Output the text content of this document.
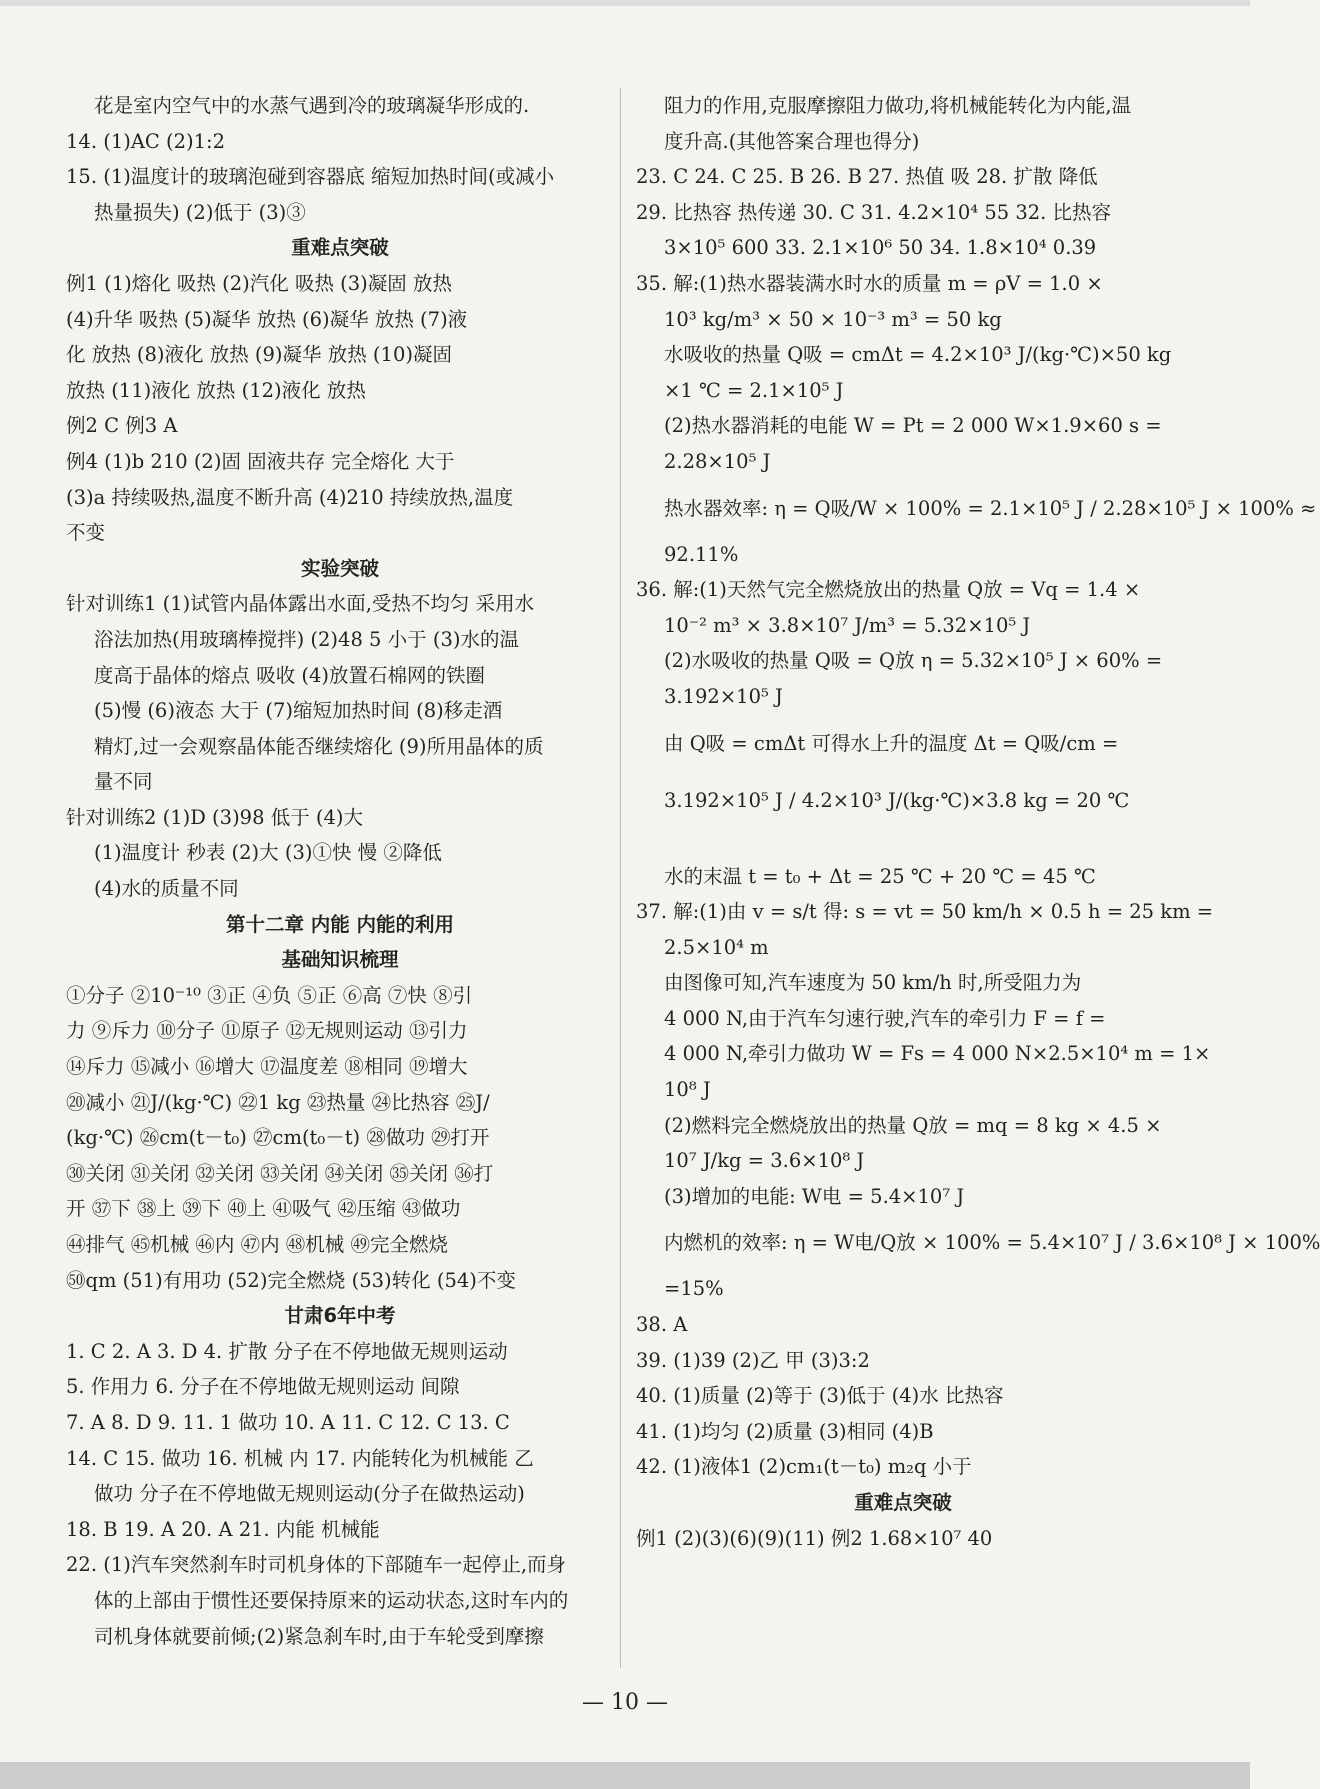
花是室内空气中的水蒸气遇到冷的玻璃凝华形成的.
14. (1)AC (2)1:2
15. (1)温度计的玻璃泡碰到容器底 缩短加热时间(或减小
热量损失) (2)低于 (3)③
重难点突破
例1 (1)熔化 吸热 (2)汽化 吸热 (3)凝固 放热
(4)升华 吸热 (5)凝华 放热 (6)凝华 放热 (7)液
化 放热 (8)液化 放热 (9)凝华 放热 (10)凝固
放热 (11)液化 放热 (12)液化 放热
例2 C 例3 A
例4 (1)b 210 (2)固 固液共存 完全熔化 大于
(3)a 持续吸热,温度不断升高 (4)210 持续放热,温度
不变
实验突破
针对训练1 (1)试管内晶体露出水面,受热不均匀 采用水
浴法加热(用玻璃棒搅拌) (2)48 5 小于 (3)水的温
度高于晶体的熔点 吸收 (4)放置石棉网的铁圈
(5)慢 (6)液态 大于 (7)缩短加热时间 (8)移走酒
精灯,过一会观察晶体能否继续熔化 (9)所用晶体的质
量不同
针对训练2 (1)D (3)98 低于 (4)大
(1)温度计 秒表 (2)大 (3)①快 慢 ②降低
(4)水的质量不同
第十二章 内能 内能的利用
基础知识梳理
①分子 ②10⁻¹⁰ ③正 ④负 ⑤正 ⑥高 ⑦快 ⑧引
力 ⑨斥力 ⑩分子 ⑪原子 ⑫无规则运动 ⑬引力
⑭斥力 ⑮减小 ⑯增大 ⑰温度差 ⑱相同 ⑲增大
⑳减小 ㉑J/(kg·℃) ㉒1 kg ㉓热量 ㉔比热容 ㉕J/
(kg·℃) ㉖cm(t－t₀) ㉗cm(t₀－t) ㉘做功 ㉙打开
㉚关闭 ㉛关闭 ㉜关闭 ㉝关闭 ㉞关闭 ㉟关闭 ㊱打
开 ㊲下 ㊳上 ㊴下 ㊵上 ㊶吸气 ㊷压缩 ㊸做功
㊹排气 ㊺机械 ㊻内 ㊼内 ㊽机械 ㊾完全燃烧
㊿qm (51)有用功 (52)完全燃烧 (53)转化 (54)不变
甘肃6年中考
1. C 2. A 3. D 4. 扩散 分子在不停地做无规则运动
5. 作用力 6. 分子在不停地做无规则运动 间隙
7. A 8. D 9. 11. 1 做功 10. A 11. C 12. C 13. C
14. C 15. 做功 16. 机械 内 17. 内能转化为机械能 乙
做功 分子在不停地做无规则运动(分子在做热运动)
18. B 19. A 20. A 21. 内能 机械能
22. (1)汽车突然刹车时司机身体的下部随车一起停止,而身
体的上部由于惯性还要保持原来的运动状态,这时车内的
司机身体就要前倾;(2)紧急刹车时,由于车轮受到摩擦
阻力的作用,克服摩擦阻力做功,将机械能转化为内能,温
度升高.(其他答案合理也得分)
23. C 24. C 25. B 26. B 27. 热值 吸 28. 扩散 降低
29. 比热容 热传递 30. C 31. 4.2×10⁴ 55 32. 比热容
3×10⁵ 600 33. 2.1×10⁶ 50 34. 1.8×10⁴ 0.39
35. 解:(1)热水器装满水时水的质量 m = ρV = 1.0 ×
10³ kg/m³ × 50 × 10⁻³ m³ = 50 kg
水吸收的热量 Q吸 = cmΔt = 4.2×10³ J/(kg·℃)×50 kg
×1 ℃ = 2.1×10⁵ J
(2)热水器消耗的电能 W = Pt = 2 000 W×1.9×60 s =
2.28×10⁵ J
热水器效率: η = Q吸/W × 100% = 2.1×10⁵ J / 2.28×10⁵ J × 100% ≈
92.11%
36. 解:(1)天然气完全燃烧放出的热量 Q放 = Vq = 1.4 ×
10⁻² m³ × 3.8×10⁷ J/m³ = 5.32×10⁵ J
(2)水吸收的热量 Q吸 = Q放 η = 5.32×10⁵ J × 60% =
3.192×10⁵ J
由 Q吸 = cmΔt 可得水上升的温度 Δt = Q吸/cm =
3.192×10⁵ J / 4.2×10³ J/(kg·℃)×3.8 kg = 20 ℃
水的末温 t = t₀ + Δt = 25 ℃ + 20 ℃ = 45 ℃
37. 解:(1)由 v = s/t 得: s = vt = 50 km/h × 0.5 h = 25 km =
2.5×10⁴ m
由图像可知,汽车速度为 50 km/h 时,所受阻力为
4 000 N,由于汽车匀速行驶,汽车的牵引力 F = f =
4 000 N,牵引力做功 W = Fs = 4 000 N×2.5×10⁴ m = 1×
10⁸ J
(2)燃料完全燃烧放出的热量 Q放 = mq = 8 kg × 4.5 ×
10⁷ J/kg = 3.6×10⁸ J
(3)增加的电能: W电 = 5.4×10⁷ J
内燃机的效率: η = W电/Q放 × 100% = 5.4×10⁷ J / 3.6×10⁸ J × 100%
=15%
38. A
39. (1)39 (2)乙 甲 (3)3:2
40. (1)质量 (2)等于 (3)低于 (4)水 比热容
41. (1)均匀 (2)质量 (3)相同 (4)B
42. (1)液体1 (2)cm₁(t－t₀) m₂q 小于
重难点突破
例1 (2)(3)(6)(9)(11) 例2 1.68×10⁷ 40
— 10 —
